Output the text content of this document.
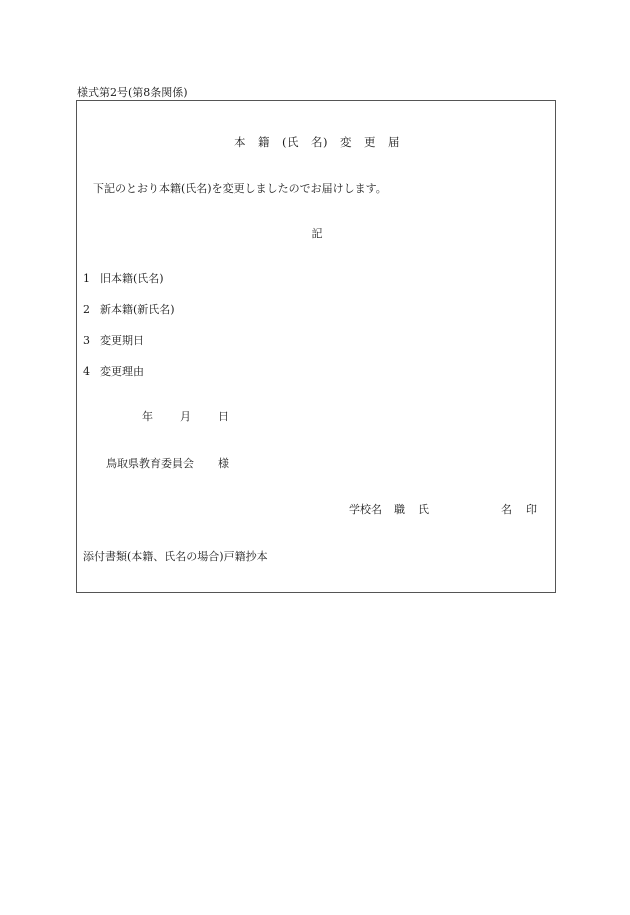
様式第2号(第8条関係)
本　籍　(氏　名)　変　更　届
下記のとおり本籍(氏名)を変更しましたのでお届けします。
記
1 旧本籍(氏名)
2 新本籍(新氏名)
3 変更期日
4 変更理由
年 月 日
鳥取県教育委員会 様
学校名 職 氏	名 印
添付書類(本籍、氏名の場合)戸籍抄本
